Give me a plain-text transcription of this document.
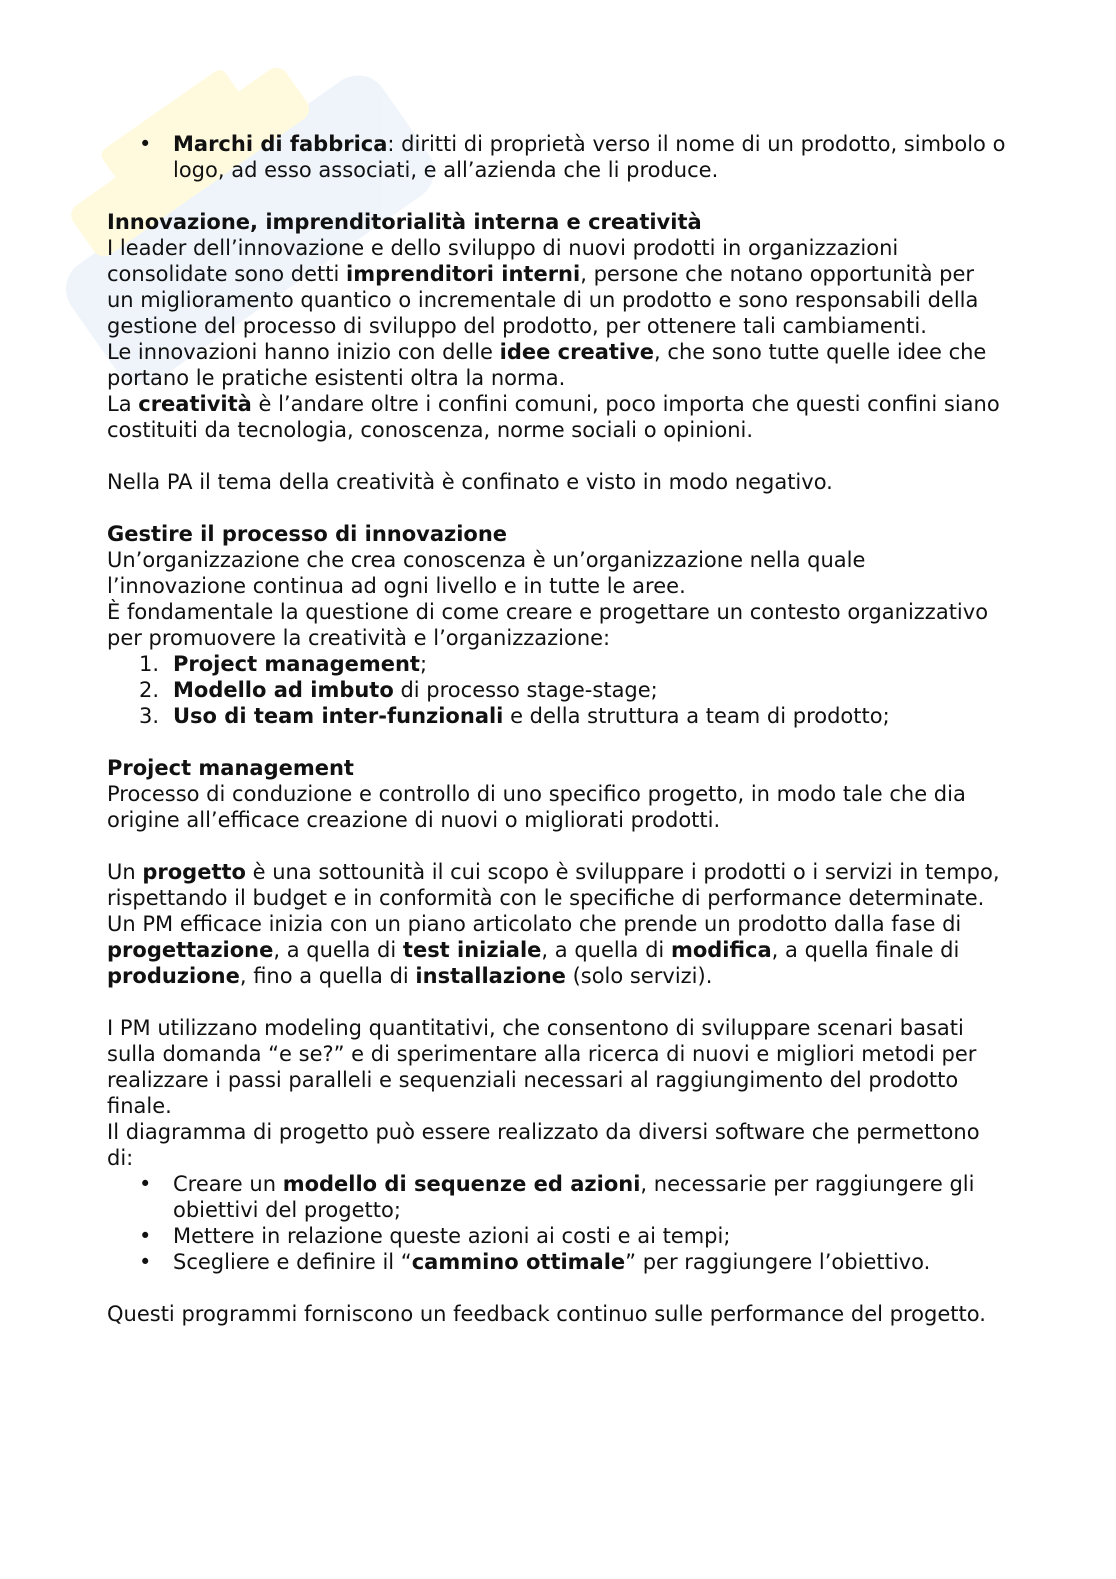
• Marchi di fabbrica: diritti di proprietà verso il nome di un prodotto, simbolo o logo, ad esso associati, e all’azienda che li produce.

Innovazione, imprenditorialità interna e creatività

I leader dell’innovazione e dello sviluppo di nuovi prodotti in organizzazioni consolidate sono detti imprenditori interni, persone che notano opportunità per un miglioramento quantico o incrementale di un prodotto e sono responsabili della gestione del processo di sviluppo del prodotto, per ottenere tali cambiamenti.

Le innovazioni hanno inizio con delle idee creative, che sono tutte quelle idee che portano le pratiche esistenti oltra la norma.

La creatività è l’andare oltre i confini comuni, poco importa che questi confini siano costituiti da tecnologia, conoscenza, norme sociali o opinioni.

Nella PA il tema della creatività è confinato e visto in modo negativo.

Gestire il processo di innovazione

Un’organizzazione che crea conoscenza è un’organizzazione nella quale l’innovazione continua ad ogni livello e in tutte le aree.

È fondamentale la questione di come creare e progettare un contesto organizzativo per promuovere la creatività e l’organizzazione:

1. Project management;
2. Modello ad imbuto di processo stage-stage;
3. Uso di team inter-funzionali e della struttura a team di prodotto;

Project management

Processo di conduzione e controllo di uno specifico progetto, in modo tale che dia origine all’efficace creazione di nuovi o migliorati prodotti.

Un progetto è una sottounità il cui scopo è sviluppare i prodotti o i servizi in tempo, rispettando il budget e in conformità con le specifiche di performance determinate.

Un PM efficace inizia con un piano articolato che prende un prodotto dalla fase di progettazione, a quella di test iniziale, a quella di modifica, a quella finale di produzione, fino a quella di installazione (solo servizi).

I PM utilizzano modeling quantitativi, che consentono di sviluppare scenari basati sulla domanda “e se?” e di sperimentare alla ricerca di nuovi e migliori metodi per realizzare i passi paralleli e sequenziali necessari al raggiungimento del prodotto finale.

Il diagramma di progetto può essere realizzato da diversi software che permettono di:

• Creare un modello di sequenze ed azioni, necessarie per raggiungere gli obiettivi del progetto;
• Mettere in relazione queste azioni ai costi e ai tempi;
• Scegliere e definire il “cammino ottimale” per raggiungere l’obiettivo.

Questi programmi forniscono un feedback continuo sulle performance del progetto.
